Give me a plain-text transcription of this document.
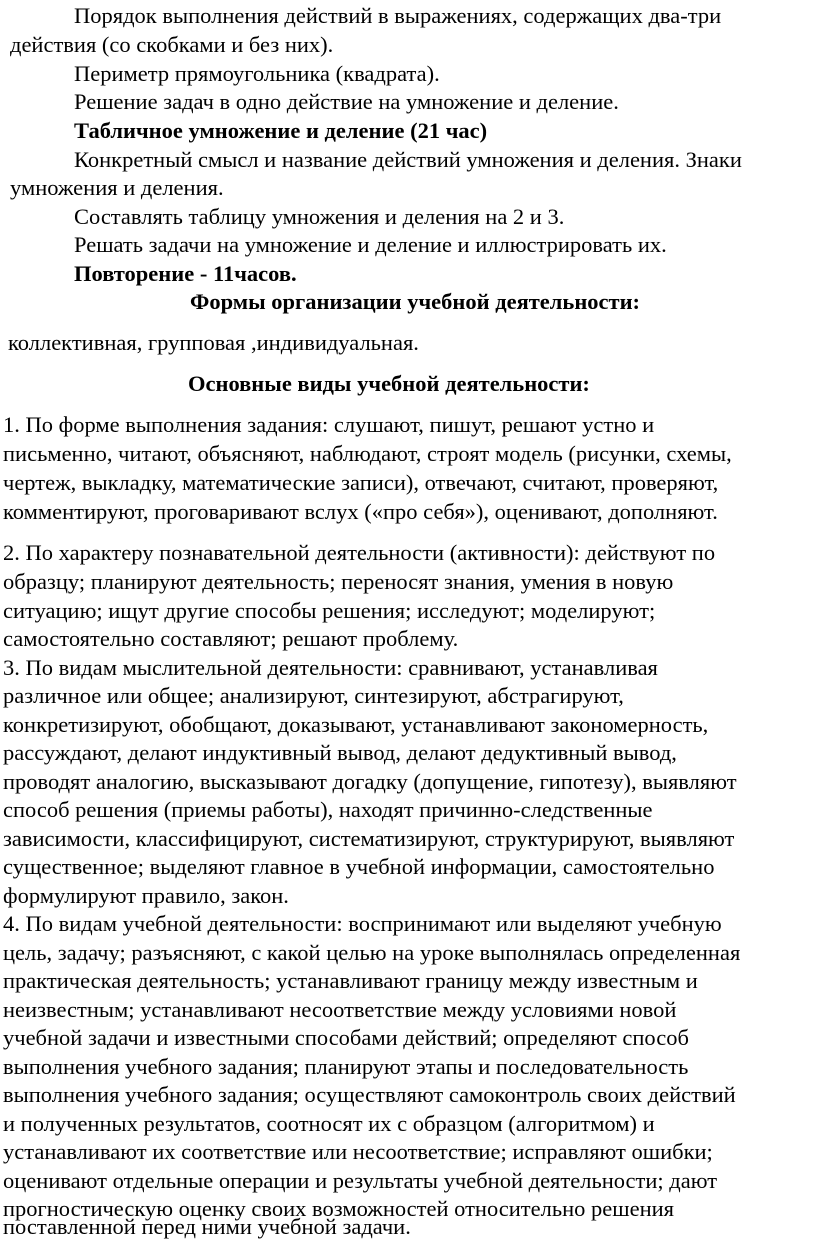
Порядок выполнения действий в выражениях, содержащих два-три
действия (со скобками и без них).
Периметр прямоугольника (квадрата).
Решение задач в одно действие на умножение и деление.
Табличное умножение и деление (21 час)
Конкретный смысл и название действий умножения и деления. Знаки
умножения и деления.
Составлять таблицу умножения и деления на 2 и 3.
Решать задачи на умножение и деление и иллюстрировать их.
Повторение - 11часов.
Формы организации учебной деятельности:
коллективная, групповая ,индивидуальная.
Основные виды учебной деятельности:
1. По форме выполнения задания: слушают, пишут, решают устно и
письменно, читают, объясняют, наблюдают, строят модель (рисунки, схемы,
чертеж, выкладку, математические записи), отвечают, считают, проверяют,
комментируют, проговаривают вслух («про себя»), оценивают, дополняют.
2. По характеру познавательной деятельности (активности): действуют по
образцу; планируют деятельность; переносят знания, умения в новую
ситуацию; ищут другие способы решения; исследуют; моделируют;
самостоятельно составляют; решают проблему.
3. По видам мыслительной деятельности: сравнивают, устанавливая
различное или общее; анализируют, синтезируют, абстрагируют,
конкретизируют, обобщают, доказывают, устанавливают закономерность,
рассуждают, делают индуктивный вывод, делают дедуктивный вывод,
проводят аналогию, высказывают догадку (допущение, гипотезу), выявляют
способ решения (приемы работы), находят причинно-следственные
зависимости, классифицируют, систематизируют, структурируют, выявляют
существенное; выделяют главное в учебной информации, самостоятельно
формулируют правило, закон.
4. По видам учебной деятельности: воспринимают или выделяют учебную
цель, задачу; разъясняют, с какой целью на уроке выполнялась определенная
практическая деятельность; устанавливают границу между известным и
неизвестным; устанавливают несоответствие между условиями новой
учебной задачи и известными способами действий; определяют способ
выполнения учебного задания; планируют этапы и последовательность
выполнения учебного задания; осуществляют самоконтроль своих действий
и полученных результатов, соотносят их с образцом (алгоритмом) и
устанавливают их соответствие или несоответствие; исправляют ошибки;
оценивают отдельные операции и результаты учебной деятельности; дают
прогностическую оценку своих возможностей относительно решения
поставленной перед ними учебной задачи.
